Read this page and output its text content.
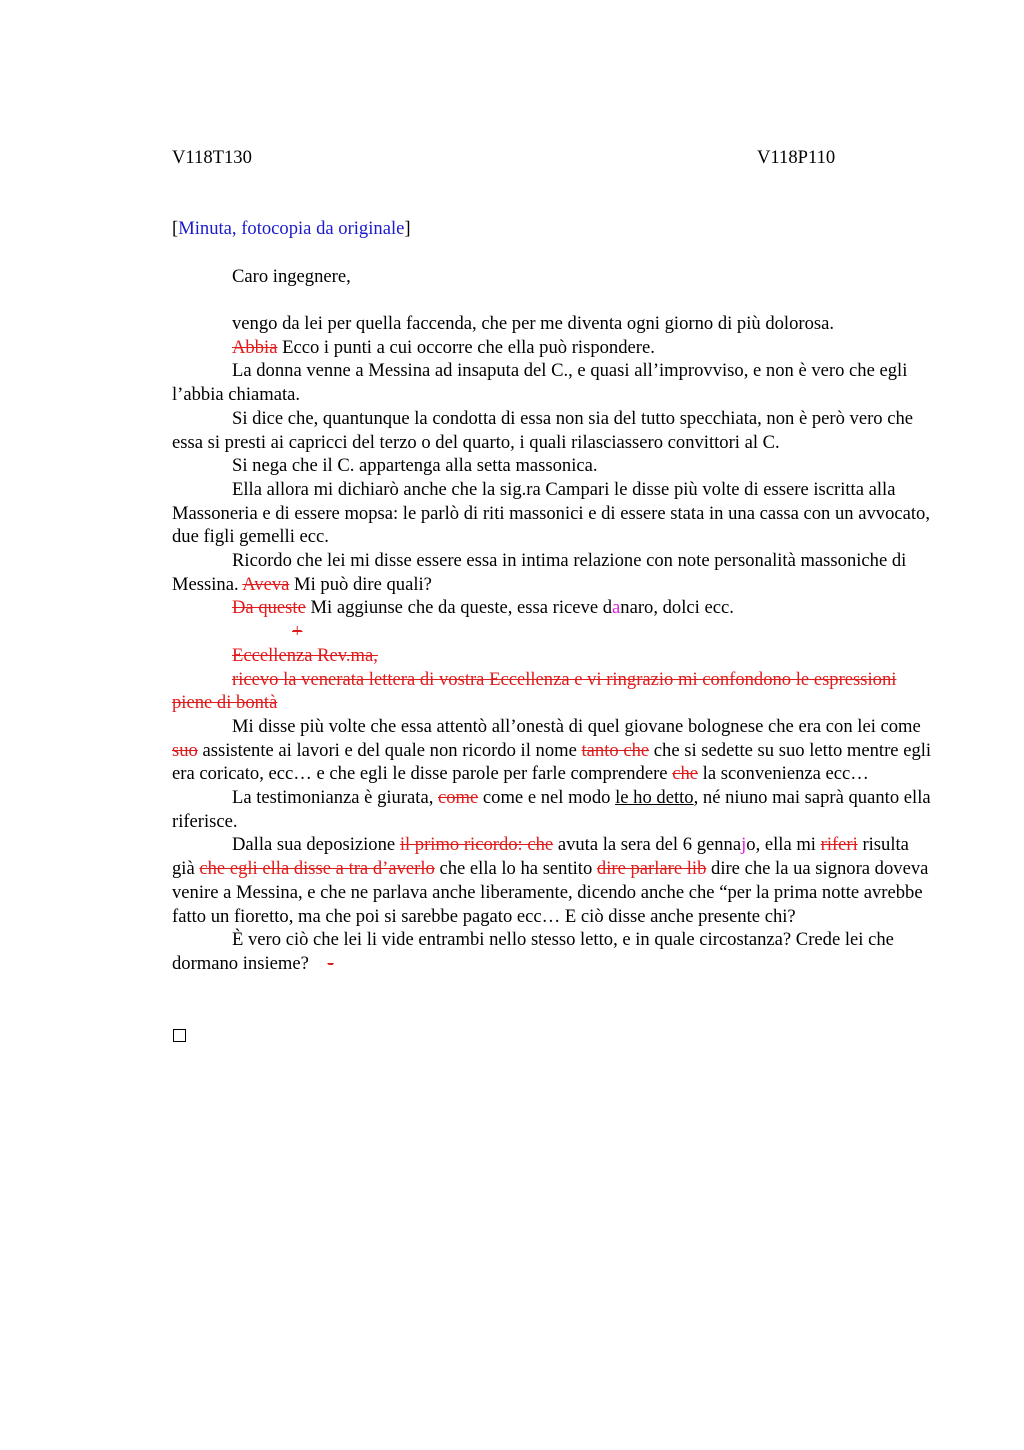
V118T130	V118P110
[Minuta, fotocopia da originale]
Caro ingegnere,

vengo da lei per quella faccenda, che per me diventa ogni giorno di più dolorosa.

Abbia Ecco i punti a cui occorre che ella può rispondere.

La donna venne a Messina ad insaputa del C., e quasi all’improvviso, e non è vero che egli l’abbia chiamata.

Si dice che, quantunque la condotta di essa non sia del tutto specchiata, non è però vero che essa si presti ai capricci del terzo o del quarto, i quali rilasciassero convittori al C.

Si nega che il C. appartenga alla setta massonica.

Ella allora mi dichiarò anche che la sig.ra Campari le disse più volte di essere iscritta alla Massoneria e di essere mopsa: le parlò di riti massonici e di essere stata in una cassa con un avvocato, due figli gemelli ecc.

Ricordo che lei mi disse essere essa in intima relazione con note personalità massoniche di Messina. Aveva Mi può dire quali?

Da queste Mi aggiunse che da queste, essa riceve danaro, dolci ecc.

+

Eccellenza Rev.ma,

ricevo la venerata lettera di vostra Eccellenza e vi ringrazio mi confondono le espressioni piene di bontà

Mi disse più volte che essa attentò all’onestà di quel giovane bolognese che era con lei come suo assistente ai lavori e del quale non ricordo il nome tanto che che si sedette su suo letto mentre egli era coricato, ecc… e che egli le disse parole per farle comprendere che la sconvenienza ecc…

La testimonianza è giurata, come come e nel modo le ho detto, né niuno mai saprà quanto ella riferisce.

Dalla sua deposizione il primo ricordo: che avuta la sera del 6 gennajo, ella mi riferi risulta già che egli ella disse a tra d’averlo che ella lo ha sentito dire parlare lib dire che la ua signora doveva venire a Messina, e che ne parlava anche liberamente, dicendo anche che “per la prima notte avrebbe fatto un fioretto, ma che poi si sarebbe pagato ecc… E ciò disse anche presente chi?

È vero ciò che lei li vide entrambi nello stesso letto, e in quale circostanza? Crede lei che dormano insieme? -
